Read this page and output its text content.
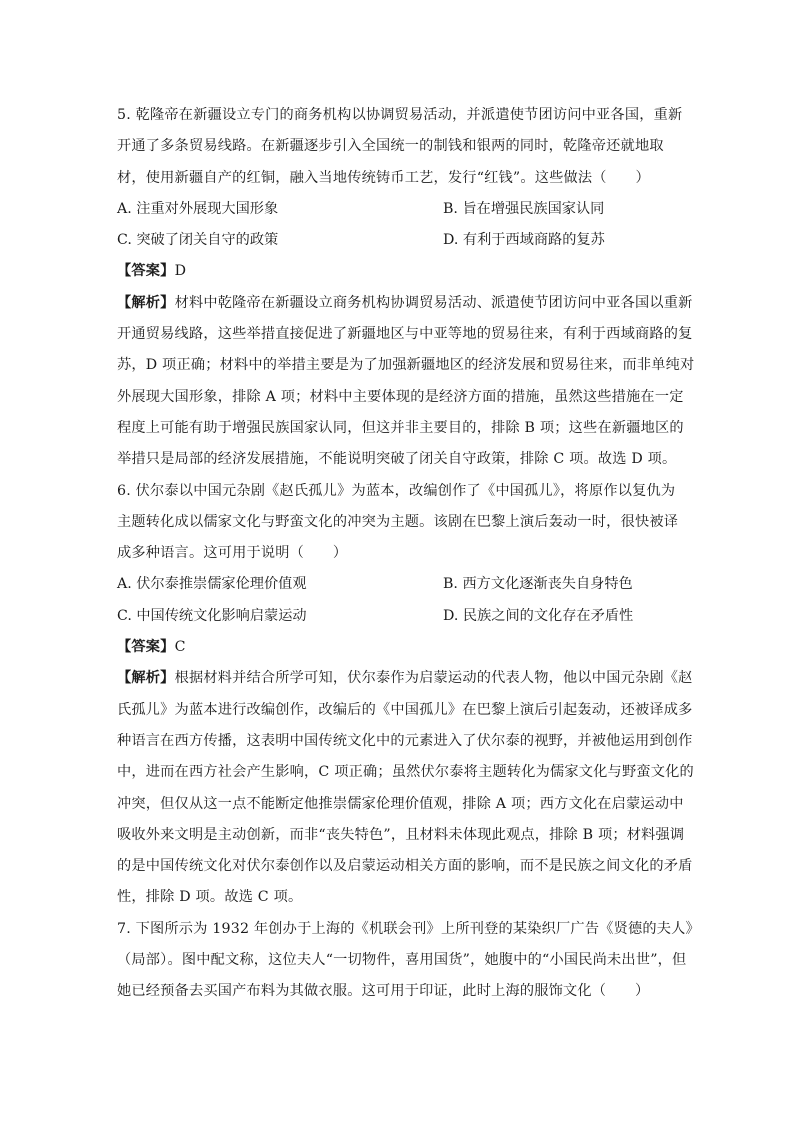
5. 乾隆帝在新疆设立专门的商务机构以协调贸易活动，并派遣使节团访问中亚各国，重新
开通了多条贸易线路。在新疆逐步引入全国统一的制钱和银两的同时，乾隆帝还就地取
材，使用新疆自产的红铜，融入当地传统铸币工艺，发行“红钱”。这些做法（　　）
A. 注重对外展现大国形象	B. 旨在增强民族国家认同
C. 突破了闭关自守的政策	D. 有利于西域商路的复苏
【答案】D
【解析】材料中乾隆帝在新疆设立商务机构协调贸易活动、派遣使节团访问中亚各国以重新
开通贸易线路，这些举措直接促进了新疆地区与中亚等地的贸易往来，有利于西域商路的复
苏，D 项正确；材料中的举措主要是为了加强新疆地区的经济发展和贸易往来，而非单纯对
外展现大国形象，排除 A 项；材料中主要体现的是经济方面的措施，虽然这些措施在一定
程度上可能有助于增强民族国家认同，但这并非主要目的，排除 B 项；这些在新疆地区的
举措只是局部的经济发展措施，不能说明突破了闭关自守政策，排除 C 项。故选 D 项。
6. 伏尔泰以中国元杂剧《赵氏孤儿》为蓝本，改编创作了《中国孤儿》，将原作以复仇为
主题转化成以儒家文化与野蛮文化的冲突为主题。该剧在巴黎上演后轰动一时，很快被译
成多种语言。这可用于说明（　　）
A. 伏尔泰推崇儒家伦理价值观	B. 西方文化逐渐丧失自身特色
C. 中国传统文化影响启蒙运动	D. 民族之间的文化存在矛盾性
【答案】C
【解析】根据材料并结合所学可知，伏尔泰作为启蒙运动的代表人物，他以中国元杂剧《赵
氏孤儿》为蓝本进行改编创作，改编后的《中国孤儿》在巴黎上演后引起轰动，还被译成多
种语言在西方传播，这表明中国传统文化中的元素进入了伏尔泰的视野，并被他运用到创作
中，进而在西方社会产生影响，C 项正确；虽然伏尔泰将主题转化为儒家文化与野蛮文化的
冲突，但仅从这一点不能断定他推崇儒家伦理价值观，排除 A 项；西方文化在启蒙运动中
吸收外来文明是主动创新，而非“丧失特色”，且材料未体现此观点，排除 B 项；材料强调
的是中国传统文化对伏尔泰创作以及启蒙运动相关方面的影响，而不是民族之间文化的矛盾
性，排除 D 项。故选 C 项。
7. 下图所示为 1932 年创办于上海的《机联会刊》上所刊登的某染织厂广告《贤德的夫人》
（局部）。图中配文称，这位夫人“一切物件，喜用国货”，她腹中的“小国民尚未出世”，但
她已经预备去买国产布料为其做衣服。这可用于印证，此时上海的服饰文化（　　）
